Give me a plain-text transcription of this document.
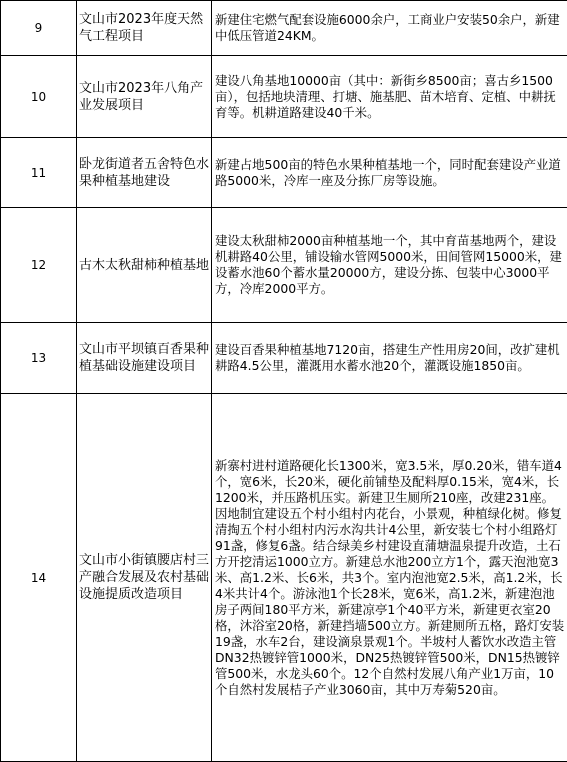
9	文山市2023年度天然气工程项目	新建住宅燃气配套设施6000余户，工商业户安装50余户，新建中低压管道24KM。
10	文山市2023年八角产业发展项目	建设八角基地10000亩（其中：新街乡8500亩；喜古乡1500亩），包括地块清理、打塘、施基肥、苗木培育、定植、中耕抚育等。机耕道路建设40千米。
11	卧龙街道者五舍特色水果种植基地建设	新建占地500亩的特色水果种植基地一个，同时配套建设产业道路5000米，冷库一座及分拣厂房等设施。
12	古木太秋甜柿种植基地	建设太秋甜柿2000亩种植基地一个，其中育苗基地两个，建设机耕路40公里，铺设输水管网5000米，田间管网15000米，建设蓄水池60个蓄水量20000方，建设分拣、包装中心3000平方，冷库2000平方。
13	文山市平坝镇百香果种植基础设施建设项目	建设百香果种植基地7120亩，搭建生产性用房20间，改扩建机耕路4.5公里，灌溉用水蓄水池20个，灌溉设施1850亩。
14	文山市小街镇腰店村三产融合发展及农村基础设施提质改造项目	新寨村进村道路硬化长1300米，宽3.5米，厚0.20米，错车道4个，宽6米，长20米，硬化前铺垫及配料厚0.15米，宽4米，长1200米，并压路机压实。新建卫生厕所210座，改建231座。因地制宜建设五个村小组村内花台，小景观，种植绿化树。修复清掏五个村小组村内污水沟共计4公里，新安装七个村小组路灯91盏，修复6盏。结合绿美乡村建设直蒲塘温泉提升改造，土石方开挖清运1000立方。新建总水池200立方1个，露天泡池宽3米、高1.2米、长6米，共3个。室内泡池宽2.5米，高1.2米，长4米共计4个。游泳池1个长28米，宽6米，高1.2米，新建泡池房子两间180平方米，新建凉亭1个40平方米，新建更衣室20格，沐浴室20格，新建挡墙500立方。新建厕所五格，路灯安装19盏，水车2台，建设滴泉景观1个。半坡村人蓄饮水改造主管DN32热镀锌管1000米，DN25热镀锌管500米，DN15热镀锌管500米，水龙头60个。12个自然村发展八角产业1万亩，10个自然村发展桔子产业3060亩，其中万寿菊520亩。
